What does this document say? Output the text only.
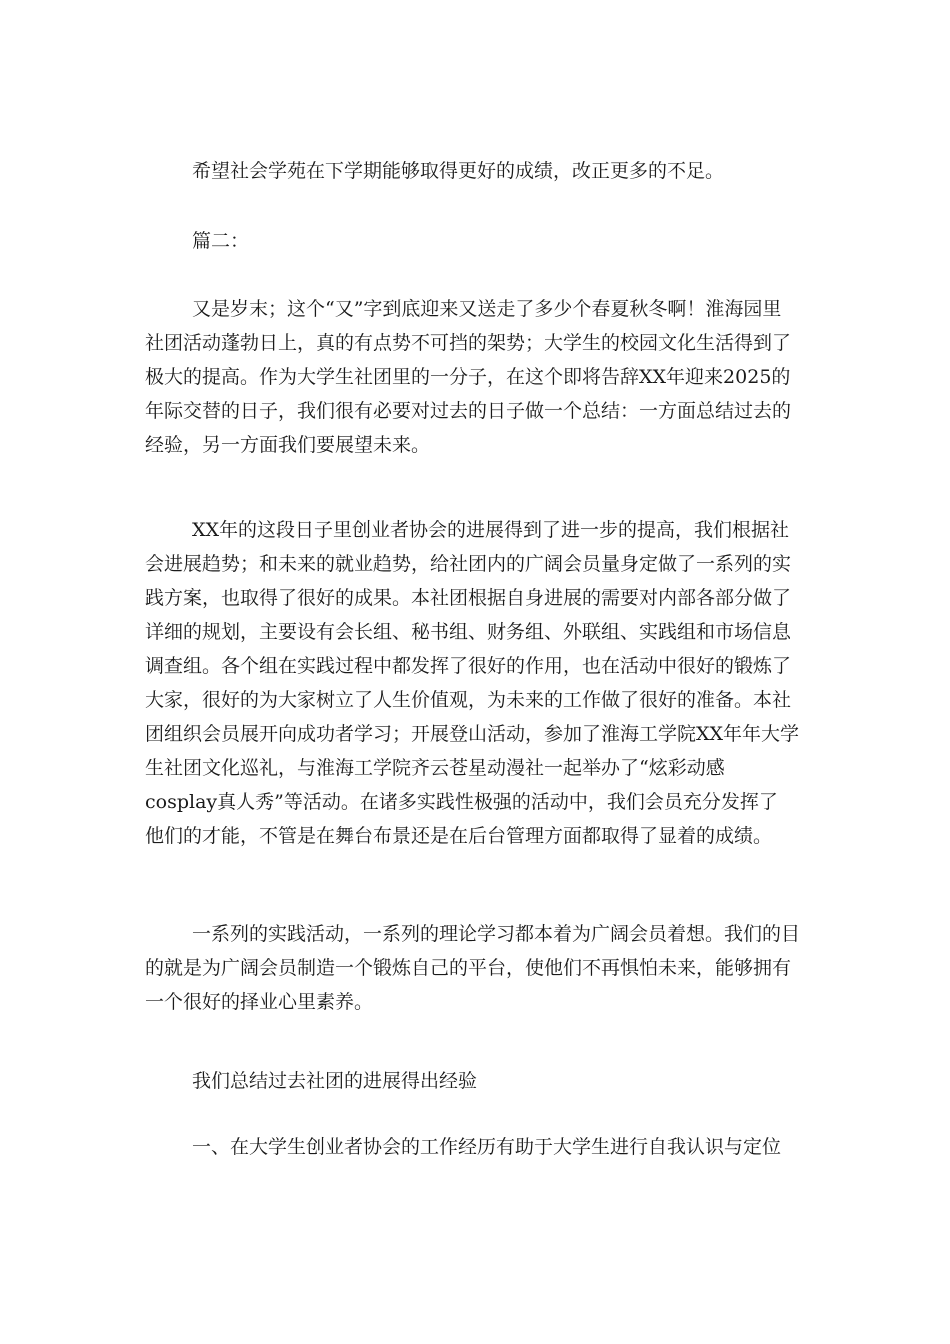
希望社会学苑在下学期能够取得更好的成绩，改正更多的不足。
篇二：
又是岁末；这个“又”字到底迎来又送走了多少个春夏秋冬啊！淮海园里
社团活动蓬勃日上，真的有点势不可挡的架势；大学生的校园文化生活得到了
极大的提高。作为大学生社团里的一分子，在这个即将告辞XX年迎来2025的
年际交替的日子，我们很有必要对过去的日子做一个总结：一方面总结过去的
经验，另一方面我们要展望未来。
XX年的这段日子里创业者协会的进展得到了进一步的提高，我们根据社
会进展趋势；和未来的就业趋势，给社团内的广阔会员量身定做了一系列的实
践方案，也取得了很好的成果。本社团根据自身进展的需要对内部各部分做了
详细的规划，主要设有会长组、秘书组、财务组、外联组、实践组和市场信息
调查组。各个组在实践过程中都发挥了很好的作用，也在活动中很好的锻炼了
大家，很好的为大家树立了人生价值观，为未来的工作做了很好的准备。本社
团组织会员展开向成功者学习；开展登山活动，参加了淮海工学院XX年年大学
生社团文化巡礼，与淮海工学院齐云苍星动漫社一起举办了“炫彩动感
cosplay真人秀”等活动。在诸多实践性极强的活动中，我们会员充分发挥了
他们的才能，不管是在舞台布景还是在后台管理方面都取得了显着的成绩。
一系列的实践活动，一系列的理论学习都本着为广阔会员着想。我们的目
的就是为广阔会员制造一个锻炼自己的平台，使他们不再惧怕未来，能够拥有
一个很好的择业心里素养。
我们总结过去社团的进展得出经验
一、在大学生创业者协会的工作经历有助于大学生进行自我认识与定位
